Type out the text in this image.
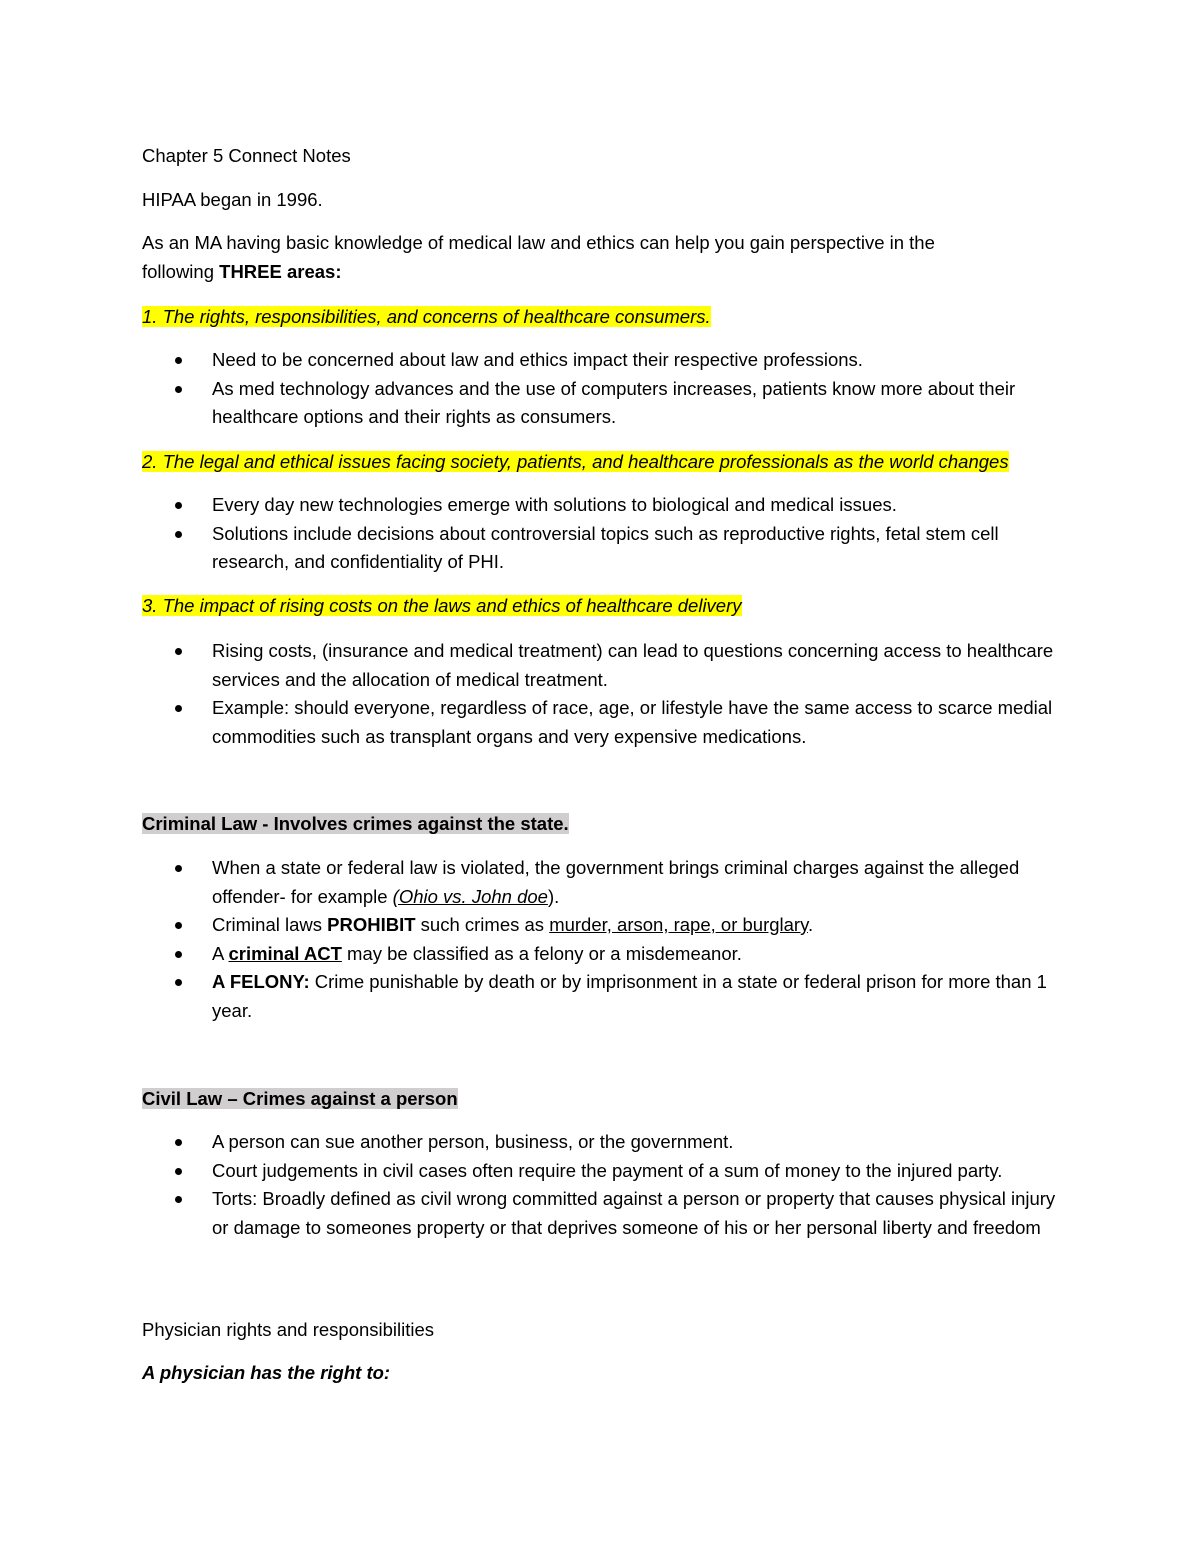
Chapter 5 Connect Notes
HIPAA began in 1996.
As an MA having basic knowledge of medical law and ethics can help you gain perspective in the
following THREE areas:
1. The rights, responsibilities, and concerns of healthcare consumers.
Need to be concerned about law and ethics impact their respective professions.
As med technology advances and the use of computers increases, patients know more about their healthcare options and their rights as consumers.
2. The legal and ethical issues facing society, patients, and healthcare professionals as the world changes
Every day new technologies emerge with solutions to biological and medical issues.
Solutions include decisions about controversial topics such as reproductive rights, fetal stem cell research, and confidentiality of PHI.
3. The impact of rising costs on the laws and ethics of healthcare delivery
Rising costs, (insurance and medical treatment) can lead to questions concerning access to healthcare services and the allocation of medical treatment.
Example: should everyone, regardless of race, age, or lifestyle have the same access to scarce medial commodities such as transplant organs and very expensive medications.
Criminal Law - Involves crimes against the state.
When a state or federal law is violated, the government brings criminal charges against the alleged offender- for example (Ohio vs. John doe).
Criminal laws PROHIBIT such crimes as murder, arson, rape, or burglary.
A criminal ACT may be classified as a felony or a misdemeanor.
A FELONY: Crime punishable by death or by imprisonment in a state or federal prison for more than 1 year.
Civil Law – Crimes against a person
A person can sue another person, business, or the government.
Court judgements in civil cases often require the payment of a sum of money to the injured party.
Torts: Broadly defined as civil wrong committed against a person or property that causes physical injury or damage to someones property or that deprives someone of his or her personal liberty and freedom
Physician rights and responsibilities
A physician has the right to:
